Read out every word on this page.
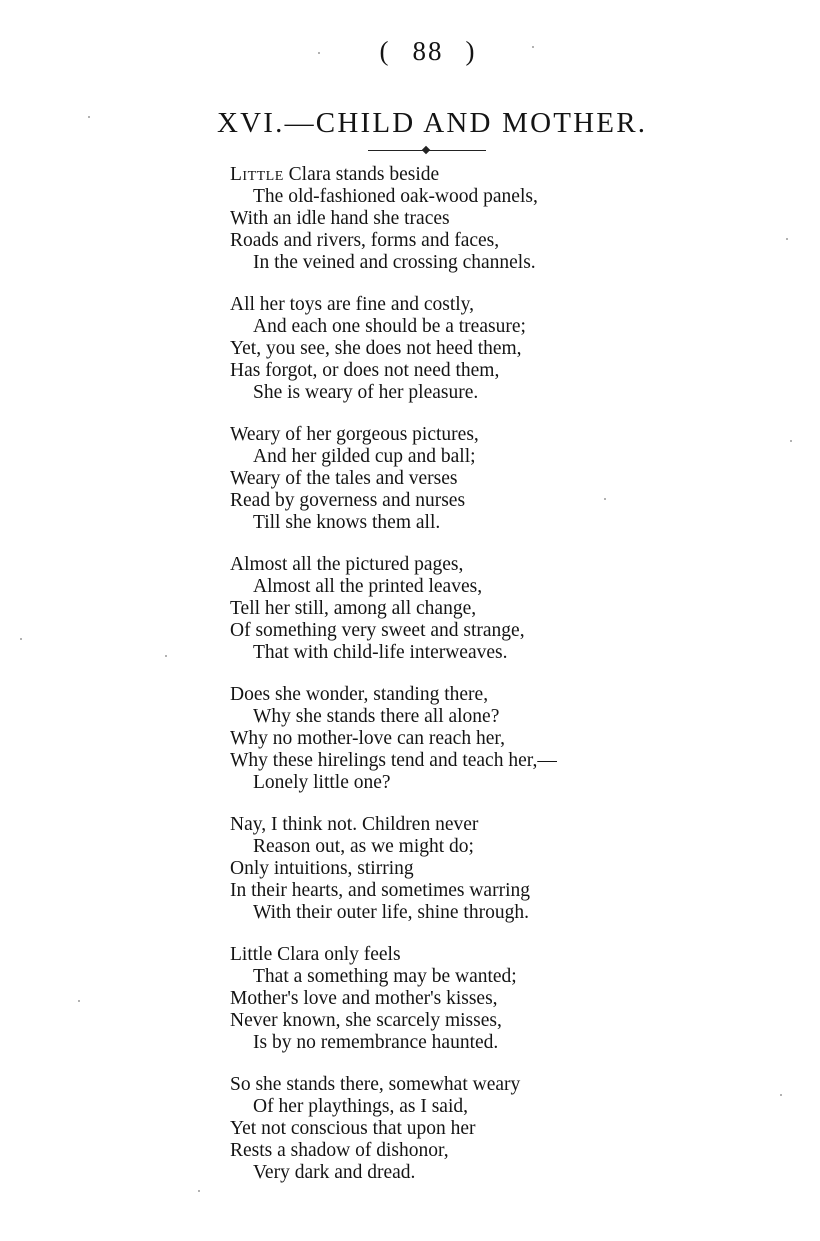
( 88 )
XVI.—CHILD AND MOTHER.
Little Clara stands beside
The old-fashioned oak-wood panels,
With an idle hand she traces
Roads and rivers, forms and faces,
In the veined and crossing channels.
All her toys are fine and costly,
And each one should be a treasure;
Yet, you see, she does not heed them,
Has forgot, or does not need them,
She is weary of her pleasure.
Weary of her gorgeous pictures,
And her gilded cup and ball;
Weary of the tales and verses
Read by governess and nurses
Till she knows them all.
Almost all the pictured pages,
Almost all the printed leaves,
Tell her still, among all change,
Of something very sweet and strange,
That with child-life interweaves.
Does she wonder, standing there,
Why she stands there all alone?
Why no mother-love can reach her,
Why these hirelings tend and teach her,—
Lonely little one?
Nay, I think not. Children never
Reason out, as we might do;
Only intuitions, stirring
In their hearts, and sometimes warring
With their outer life, shine through.
Little Clara only feels
That a something may be wanted;
Mother's love and mother's kisses,
Never known, she scarcely misses,
Is by no remembrance haunted.
So she stands there, somewhat weary
Of her playthings, as I said,
Yet not conscious that upon her
Rests a shadow of dishonor,
Very dark and dread.
